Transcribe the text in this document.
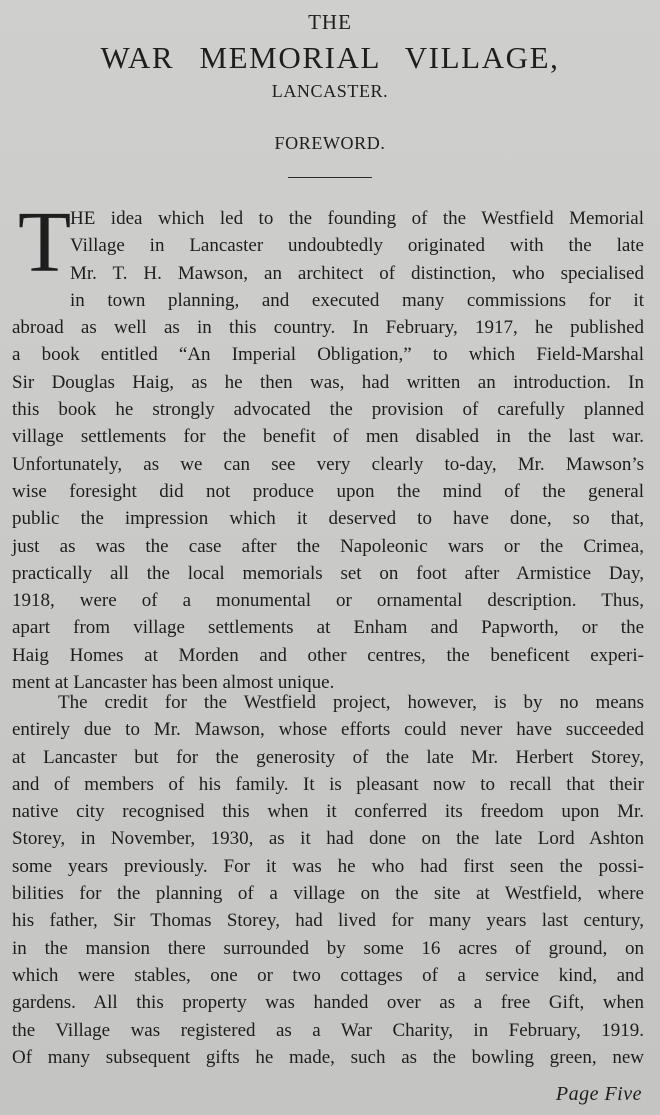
THE
WAR MEMORIAL VILLAGE,
LANCASTER.
FOREWORD.
T
HE idea which led to the founding of the Westfield Memorial
Village in Lancaster undoubtedly originated with the late
Mr. T. H. Mawson, an architect of distinction, who specialised
in town planning, and executed many commissions for it
abroad as well as in this country. In February, 1917, he published
a book entitled “An Imperial Obligation,” to which Field-Marshal
Sir Douglas Haig, as he then was, had written an introduction. In
this book he strongly advocated the provision of carefully planned
village settlements for the benefit of men disabled in the last war.
Unfortunately, as we can see very clearly to-day, Mr. Mawson’s
wise foresight did not produce upon the mind of the general
public the impression which it deserved to have done, so that,
just as was the case after the Napoleonic wars or the Crimea,
practically all the local memorials set on foot after Armistice Day,
1918, were of a monumental or ornamental description. Thus,
apart from village settlements at Enham and Papworth, or the
Haig Homes at Morden and other centres, the beneficent experi-
ment at Lancaster has been almost unique.
The credit for the Westfield project, however, is by no means
entirely due to Mr. Mawson, whose efforts could never have succeeded
at Lancaster but for the generosity of the late Mr. Herbert Storey,
and of members of his family. It is pleasant now to recall that their
native city recognised this when it conferred its freedom upon Mr.
Storey, in November, 1930, as it had done on the late Lord Ashton
some years previously. For it was he who had first seen the possi-
bilities for the planning of a village on the site at Westfield, where
his father, Sir Thomas Storey, had lived for many years last century,
in the mansion there surrounded by some 16 acres of ground, on
which were stables, one or two cottages of a service kind, and
gardens. All this property was handed over as a free Gift, when
the Village was registered as a War Charity, in February, 1919.
Of many subsequent gifts he made, such as the bowling green, new
Page Five
